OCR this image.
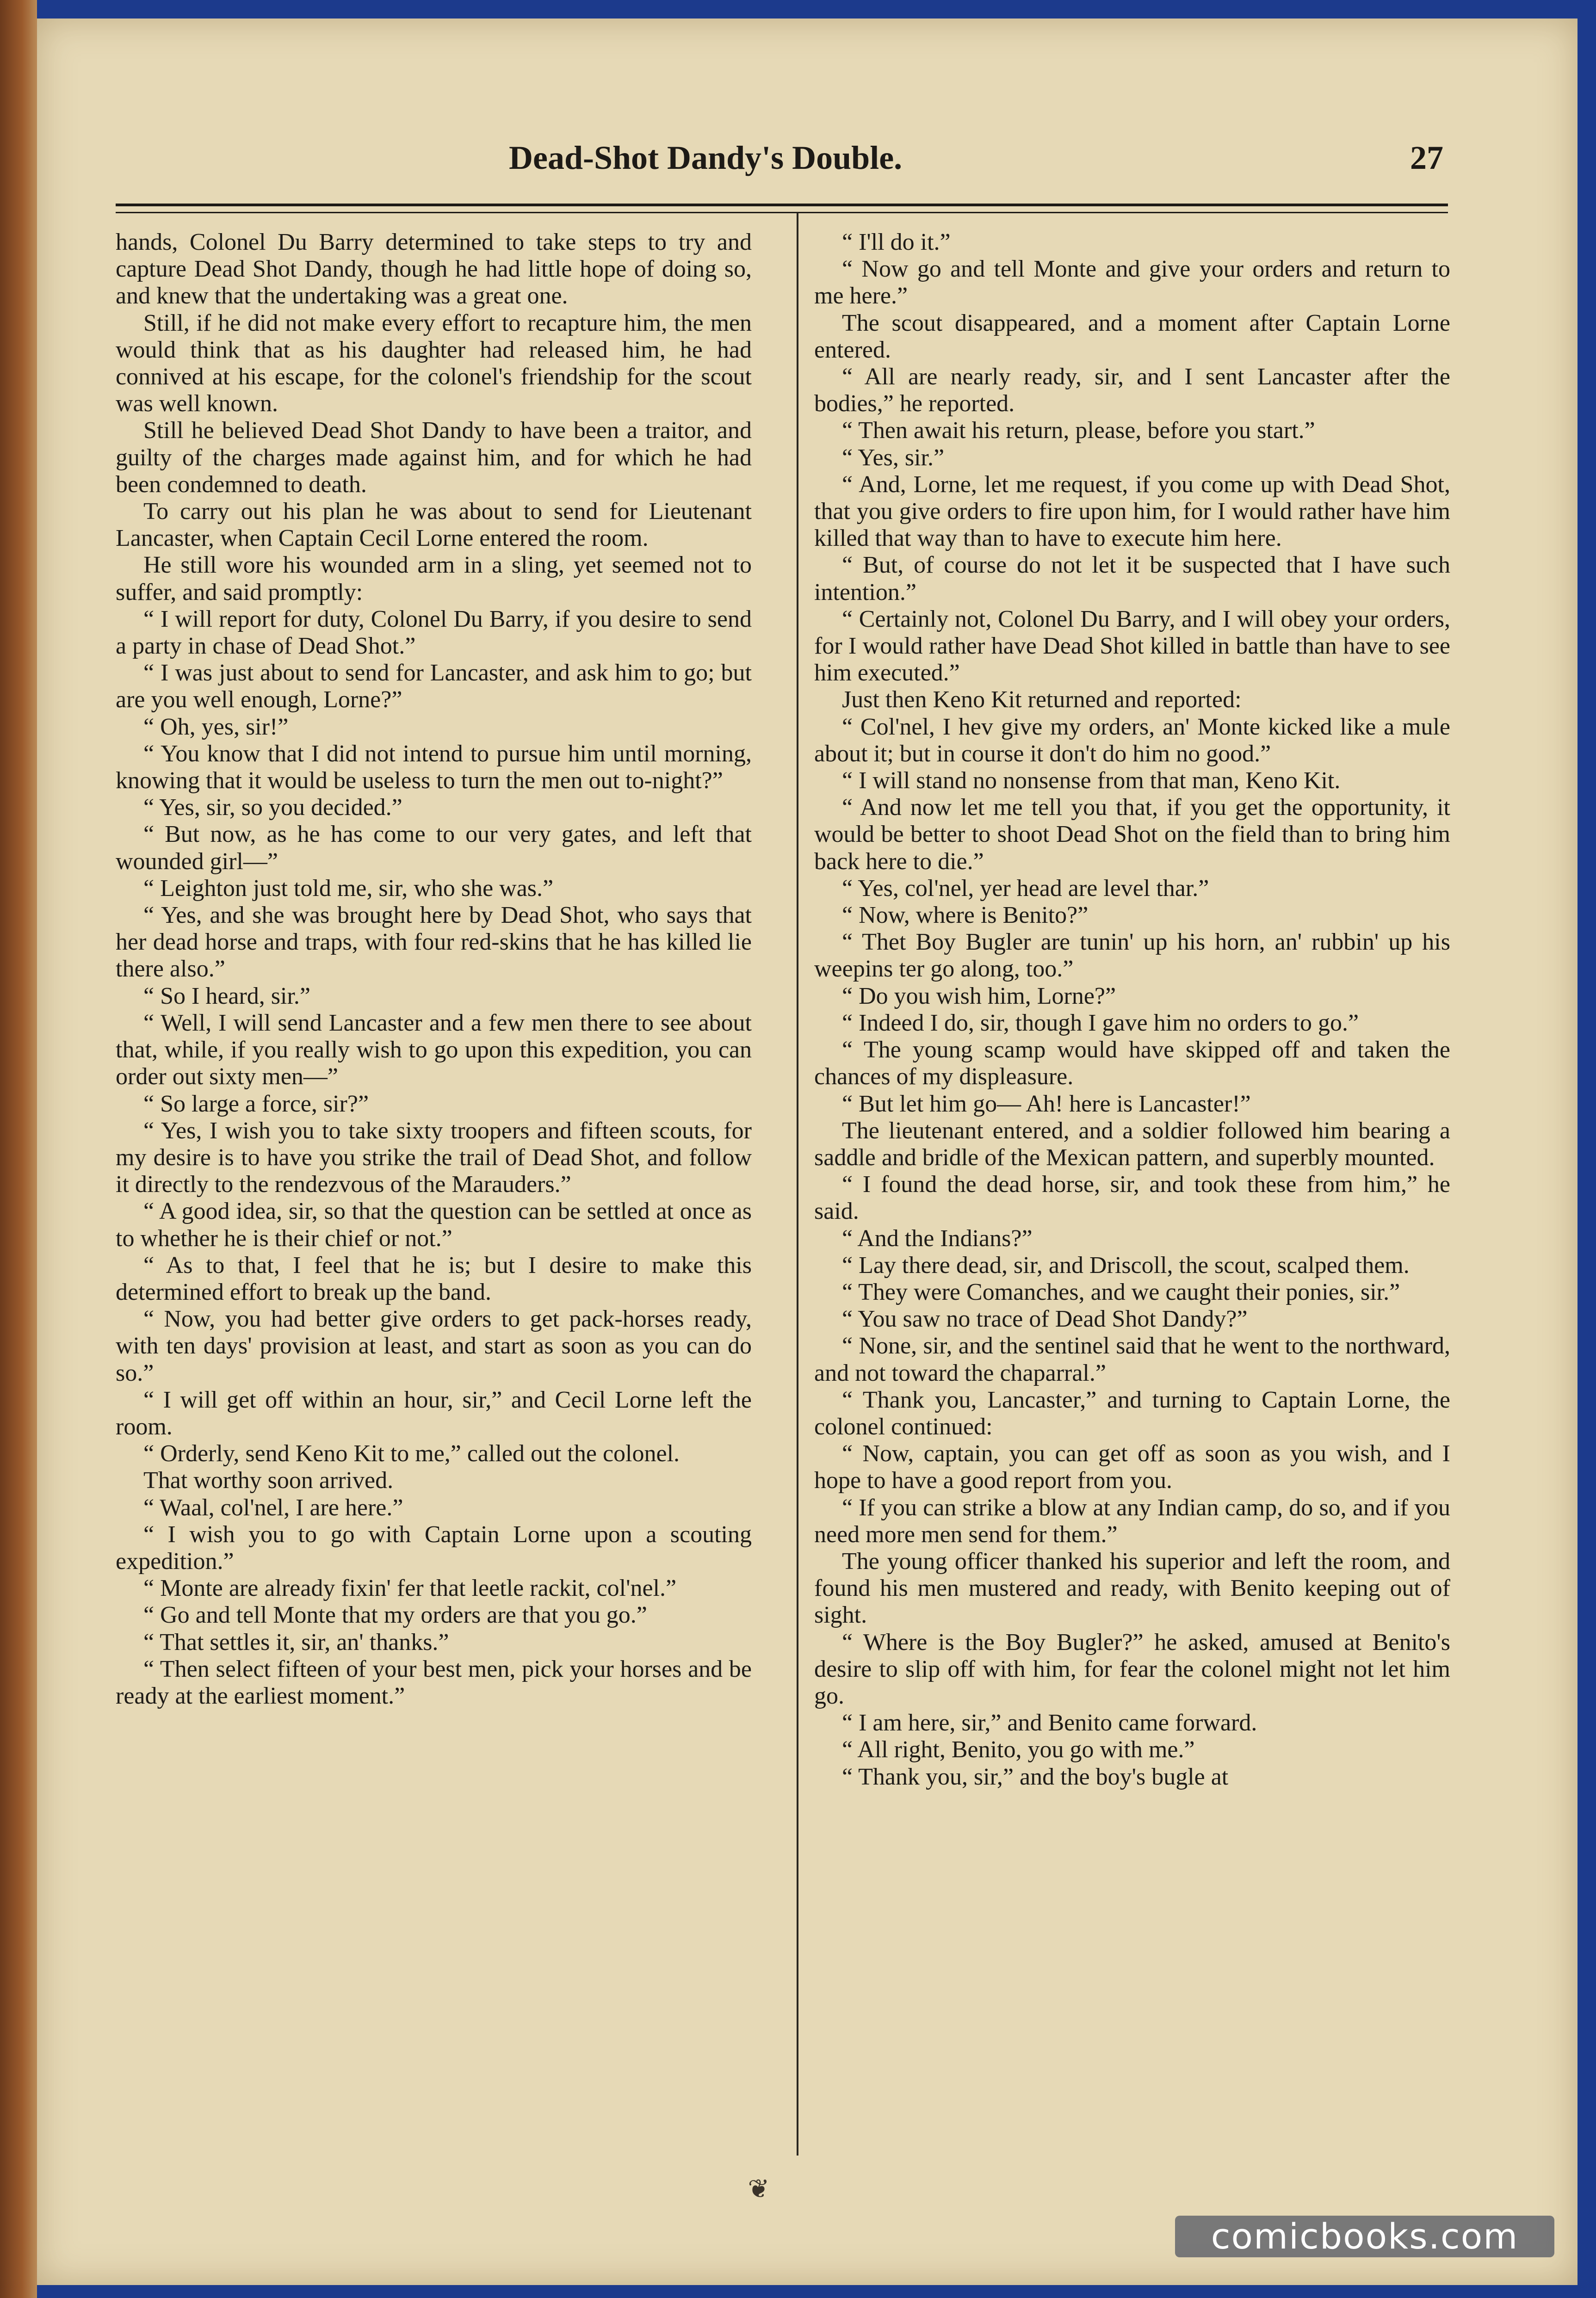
Dead-Shot Dandy's Double.	27

hands, Colonel Du Barry determined to take steps to try and capture Dead Shot Dandy, though he had little hope of doing so, and knew that the undertaking was a great one.

Still, if he did not make every effort to recapture him, the men would think that as his daughter had released him, he had connived at his escape, for the colonel's friendship for the scout was well known.

Still he believed Dead Shot Dandy to have been a traitor, and guilty of the charges made against him, and for which he had been condemned to death.

To carry out his plan he was about to send for Lieutenant Lancaster, when Captain Cecil Lorne entered the room.

He still wore his wounded arm in a sling, yet seemed not to suffer, and said promptly:

“ I will report for duty, Colonel Du Barry, if you desire to send a party in chase of Dead Shot.”

“ I was just about to send for Lancaster, and ask him to go; but are you well enough, Lorne?”

“ Oh, yes, sir!”

“ You know that I did not intend to pursue him until morning, knowing that it would be useless to turn the men out to-night?”

“ Yes, sir, so you decided.”

“ But now, as he has come to our very gates, and left that wounded girl—”

“ Leighton just told me, sir, who she was.”

“ Yes, and she was brought here by Dead Shot, who says that her dead horse and traps, with four red-skins that he has killed lie there also.”

“ So I heard, sir.”

“ Well, I will send Lancaster and a few men there to see about that, while, if you really wish to go upon this expedition, you can order out sixty men—”

“ So large a force, sir?”

“ Yes, I wish you to take sixty troopers and fifteen scouts, for my desire is to have you strike the trail of Dead Shot, and follow it directly to the rendezvous of the Marauders.”

“ A good idea, sir, so that the question can be settled at once as to whether he is their chief or not.”

“ As to that, I feel that he is; but I desire to make this determined effort to break up the band.

“ Now, you had better give orders to get pack-horses ready, with ten days' provision at least, and start as soon as you can do so.”

“ I will get off within an hour, sir,” and Cecil Lorne left the room.

“ Orderly, send Keno Kit to me,” called out the colonel.

That worthy soon arrived.

“ Waal, col'nel, I are here.”

“ I wish you to go with Captain Lorne upon a scouting expedition.”

“ Monte are already fixin' fer that leetle rackit, col'nel.”

“ Go and tell Monte that my orders are that you go.”

“ That settles it, sir, an' thanks.”

“ Then select fifteen of your best men, pick your horses and be ready at the earliest moment.”

“ I'll do it.”

“ Now go and tell Monte and give your orders and return to me here.”

The scout disappeared, and a moment after Captain Lorne entered.

“ All are nearly ready, sir, and I sent Lancaster after the bodies,” he reported.

“ Then await his return, please, before you start.”

“ Yes, sir.”

“ And, Lorne, let me request, if you come up with Dead Shot, that you give orders to fire upon him, for I would rather have him killed that way than to have to execute him here.

“ But, of course do not let it be suspected that I have such intention.”

“ Certainly not, Colonel Du Barry, and I will obey your orders, for I would rather have Dead Shot killed in battle than have to see him executed.”

Just then Keno Kit returned and reported:

“ Col'nel, I hev give my orders, an' Monte kicked like a mule about it; but in course it don't do him no good.”

“ I will stand no nonsense from that man, Keno Kit.

“ And now let me tell you that, if you get the opportunity, it would be better to shoot Dead Shot on the field than to bring him back here to die.”

“ Yes, col'nel, yer head are level thar.”

“ Now, where is Benito?”

“ Thet Boy Bugler are tunin' up his horn, an' rubbin' up his weepins ter go along, too.”

“ Do you wish him, Lorne?”

“ Indeed I do, sir, though I gave him no orders to go.”

“ The young scamp would have skipped off and taken the chances of my displeasure.

“ But let him go— Ah! here is Lancaster!”

The lieutenant entered, and a soldier followed him bearing a saddle and bridle of the Mexican pattern, and superbly mounted.

“ I found the dead horse, sir, and took these from him,” he said.

“ And the Indians?”

“ Lay there dead, sir, and Driscoll, the scout, scalped them.

“ They were Comanches, and we caught their ponies, sir.”

“ You saw no trace of Dead Shot Dandy?”

“ None, sir, and the sentinel said that he went to the northward, and not toward the chaparral.”

“ Thank you, Lancaster,” and turning to Captain Lorne, the colonel continued:

“ Now, captain, you can get off as soon as you wish, and I hope to have a good report from you.

“ If you can strike a blow at any Indian camp, do so, and if you need more men send for them.”

The young officer thanked his superior and left the room, and found his men mustered and ready, with Benito keeping out of sight.

“ Where is the Boy Bugler?” he asked, amused at Benito's desire to slip off with him, for fear the colonel might not let him go.

“ I am here, sir,” and Benito came forward.

“ All right, Benito, you go with me.”

“ Thank you, sir,” and the boy's bugle at

❦
comicbooks.com
